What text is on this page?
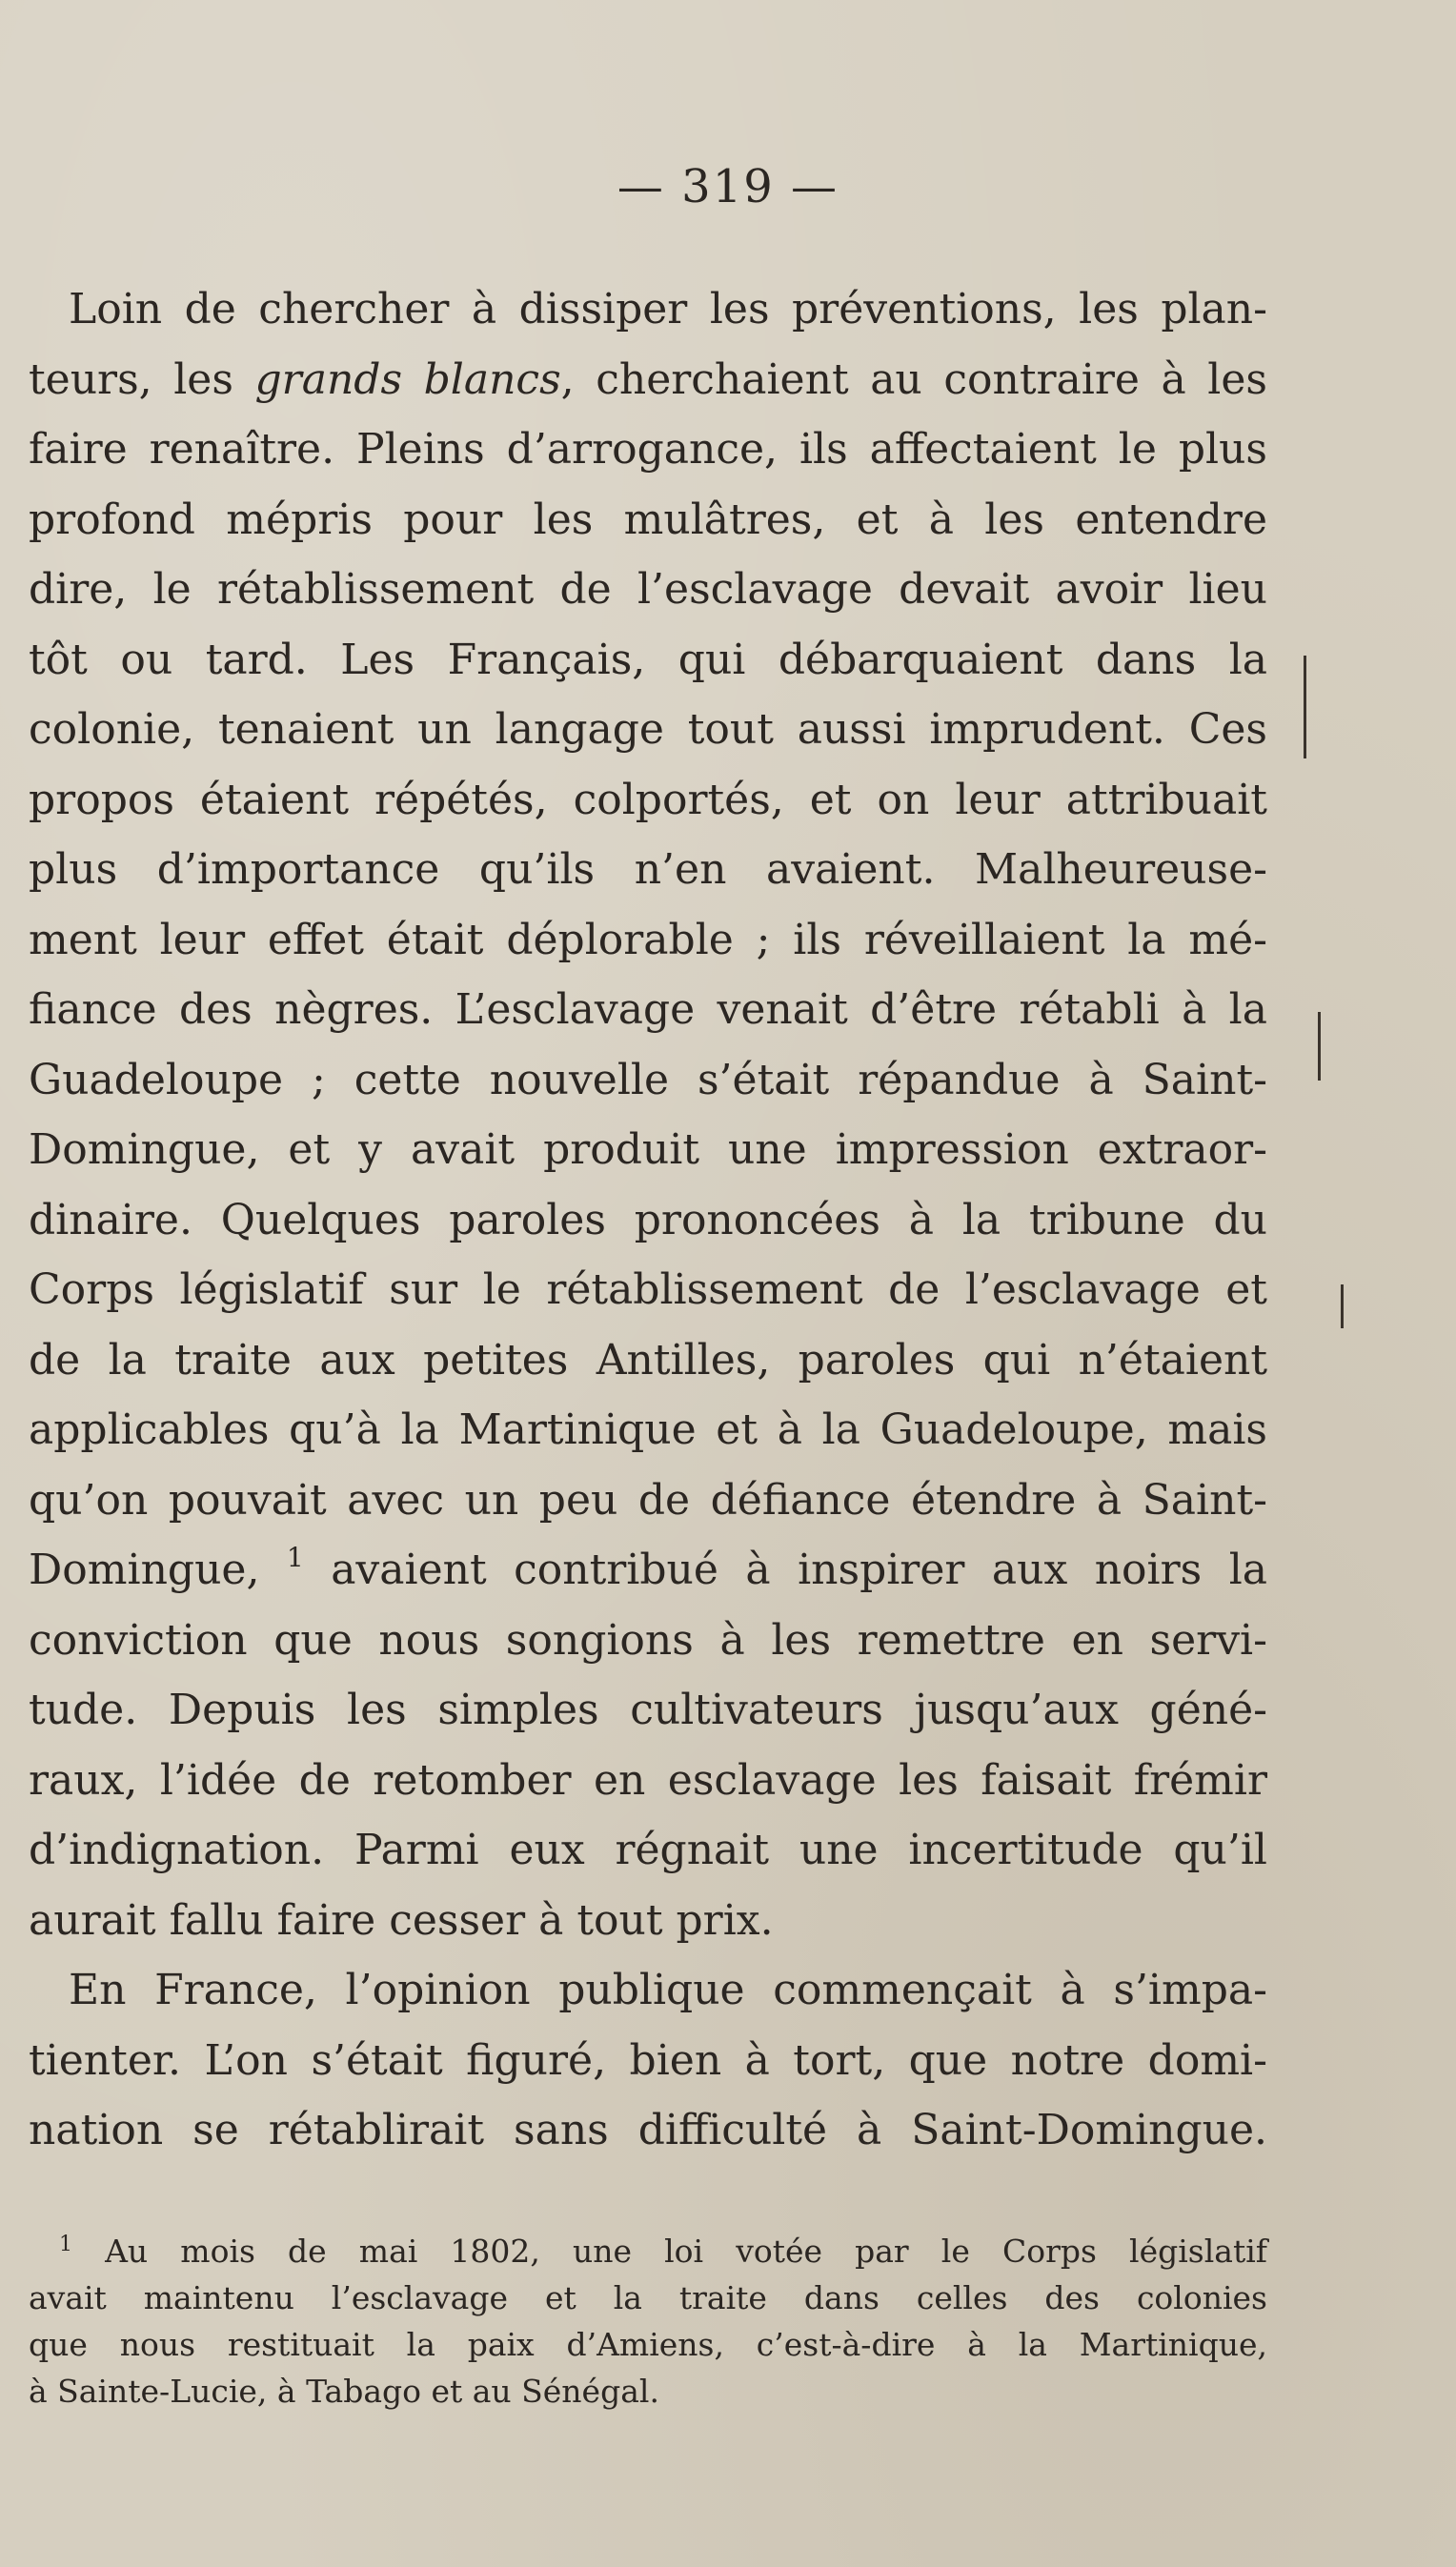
— 319 —
Loin de chercher à dissiper les préventions, les plan-
teurs, les grands blancs, cherchaient au contraire à les
faire renaître. Pleins d’arrogance, ils affectaient le plus
profond mépris pour les mulâtres, et à les entendre
dire, le rétablissement de l’esclavage devait avoir lieu
tôt ou tard. Les Français, qui débarquaient dans la
colonie, tenaient un langage tout aussi imprudent. Ces
propos étaient répétés, colportés, et on leur attribuait
plus d’importance qu’ils n’en avaient. Malheureuse-
ment leur effet était déplorable ; ils réveillaient la mé-
fiance des nègres. L’esclavage venait d’être rétabli à la
Guadeloupe ; cette nouvelle s’était répandue à Saint-
Domingue, et y avait produit une impression extraor-
dinaire. Quelques paroles prononcées à la tribune du
Corps législatif sur le rétablissement de l’esclavage et
de la traite aux petites Antilles, paroles qui n’étaient
applicables qu’à la Martinique et à la Guadeloupe, mais
qu’on pouvait avec un peu de défiance étendre à Saint-
Domingue, $^1$ avaient contribué à inspirer aux noirs la
conviction que nous songions à les remettre en servi-
tude. Depuis les simples cultivateurs jusqu’aux géné-
raux, l’idée de retomber en esclavage les faisait frémir
d’indignation. Parmi eux régnait une incertitude qu’il
aurait fallu faire cesser à tout prix.
En France, l’opinion publique commençait à s’impa-
tienter. L’on s’était figuré, bien à tort, que notre domi-
nation se rétablirait sans difficulté à Saint-Domingue.
$^1$ Au mois de mai 1802, une loi votée par le Corps législatif
avait maintenu l’esclavage et la traite dans celles des colonies
que nous restituait la paix d’Amiens, c’est-à-dire à la Martinique,
à Sainte-Lucie, à Tabago et au Sénégal.
